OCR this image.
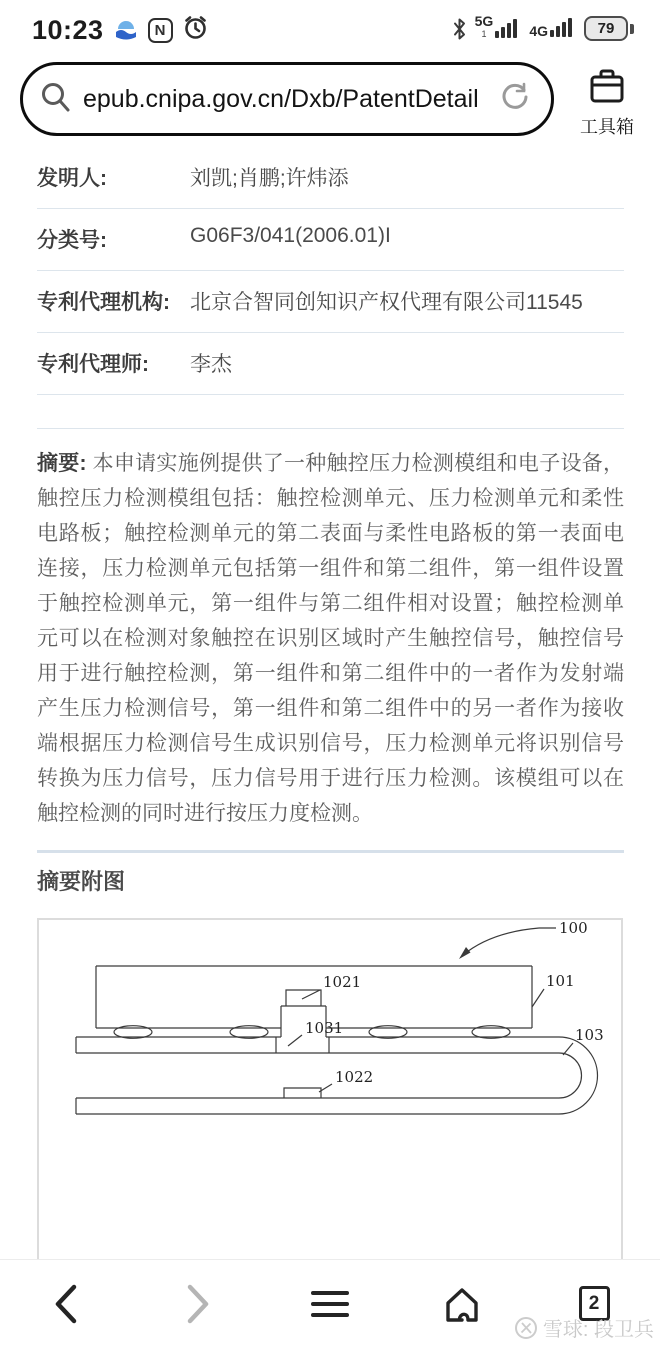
10:23	N
5G
1	4G	79
epub.cnipa.gov.cn/Dxb/PatentDetail
工具箱
发明人:	刘凯;肖鹏;许炜添
分类号:	G06F3/041(2006.01)I
专利代理机构: 北京合智同创知识产权代理有限公司11545
专利代理师:	李杰

摘要: 本申请实施例提供了一种触控压力检测模组和电子设备，触控压力检测模组包括：触控检测单元、压力检测单元和柔性电路板；触控检测单元的第二表面与柔性电路板的第一表面电连接，压力检测单元包括第一组件和第二组件，第一组件设置于触控检测单元，第一组件与第二组件相对设置；触控检测单元可以在检测对象触控在识别区域时产生触控信号，触控信号用于进行触控检测，第一组件和第二组件中的一者作为发射端产生压力检测信号，第一组件和第二组件中的另一者作为接收端根据压力检测信号生成识别信号，压力检测单元将识别信号转换为压力信号，压力信号用于进行压力检测。该模组可以在触控检测的同时进行按压力度检测。

摘要附图
100
101
1021
1031
1022
103
2
雪球: 段卫兵
